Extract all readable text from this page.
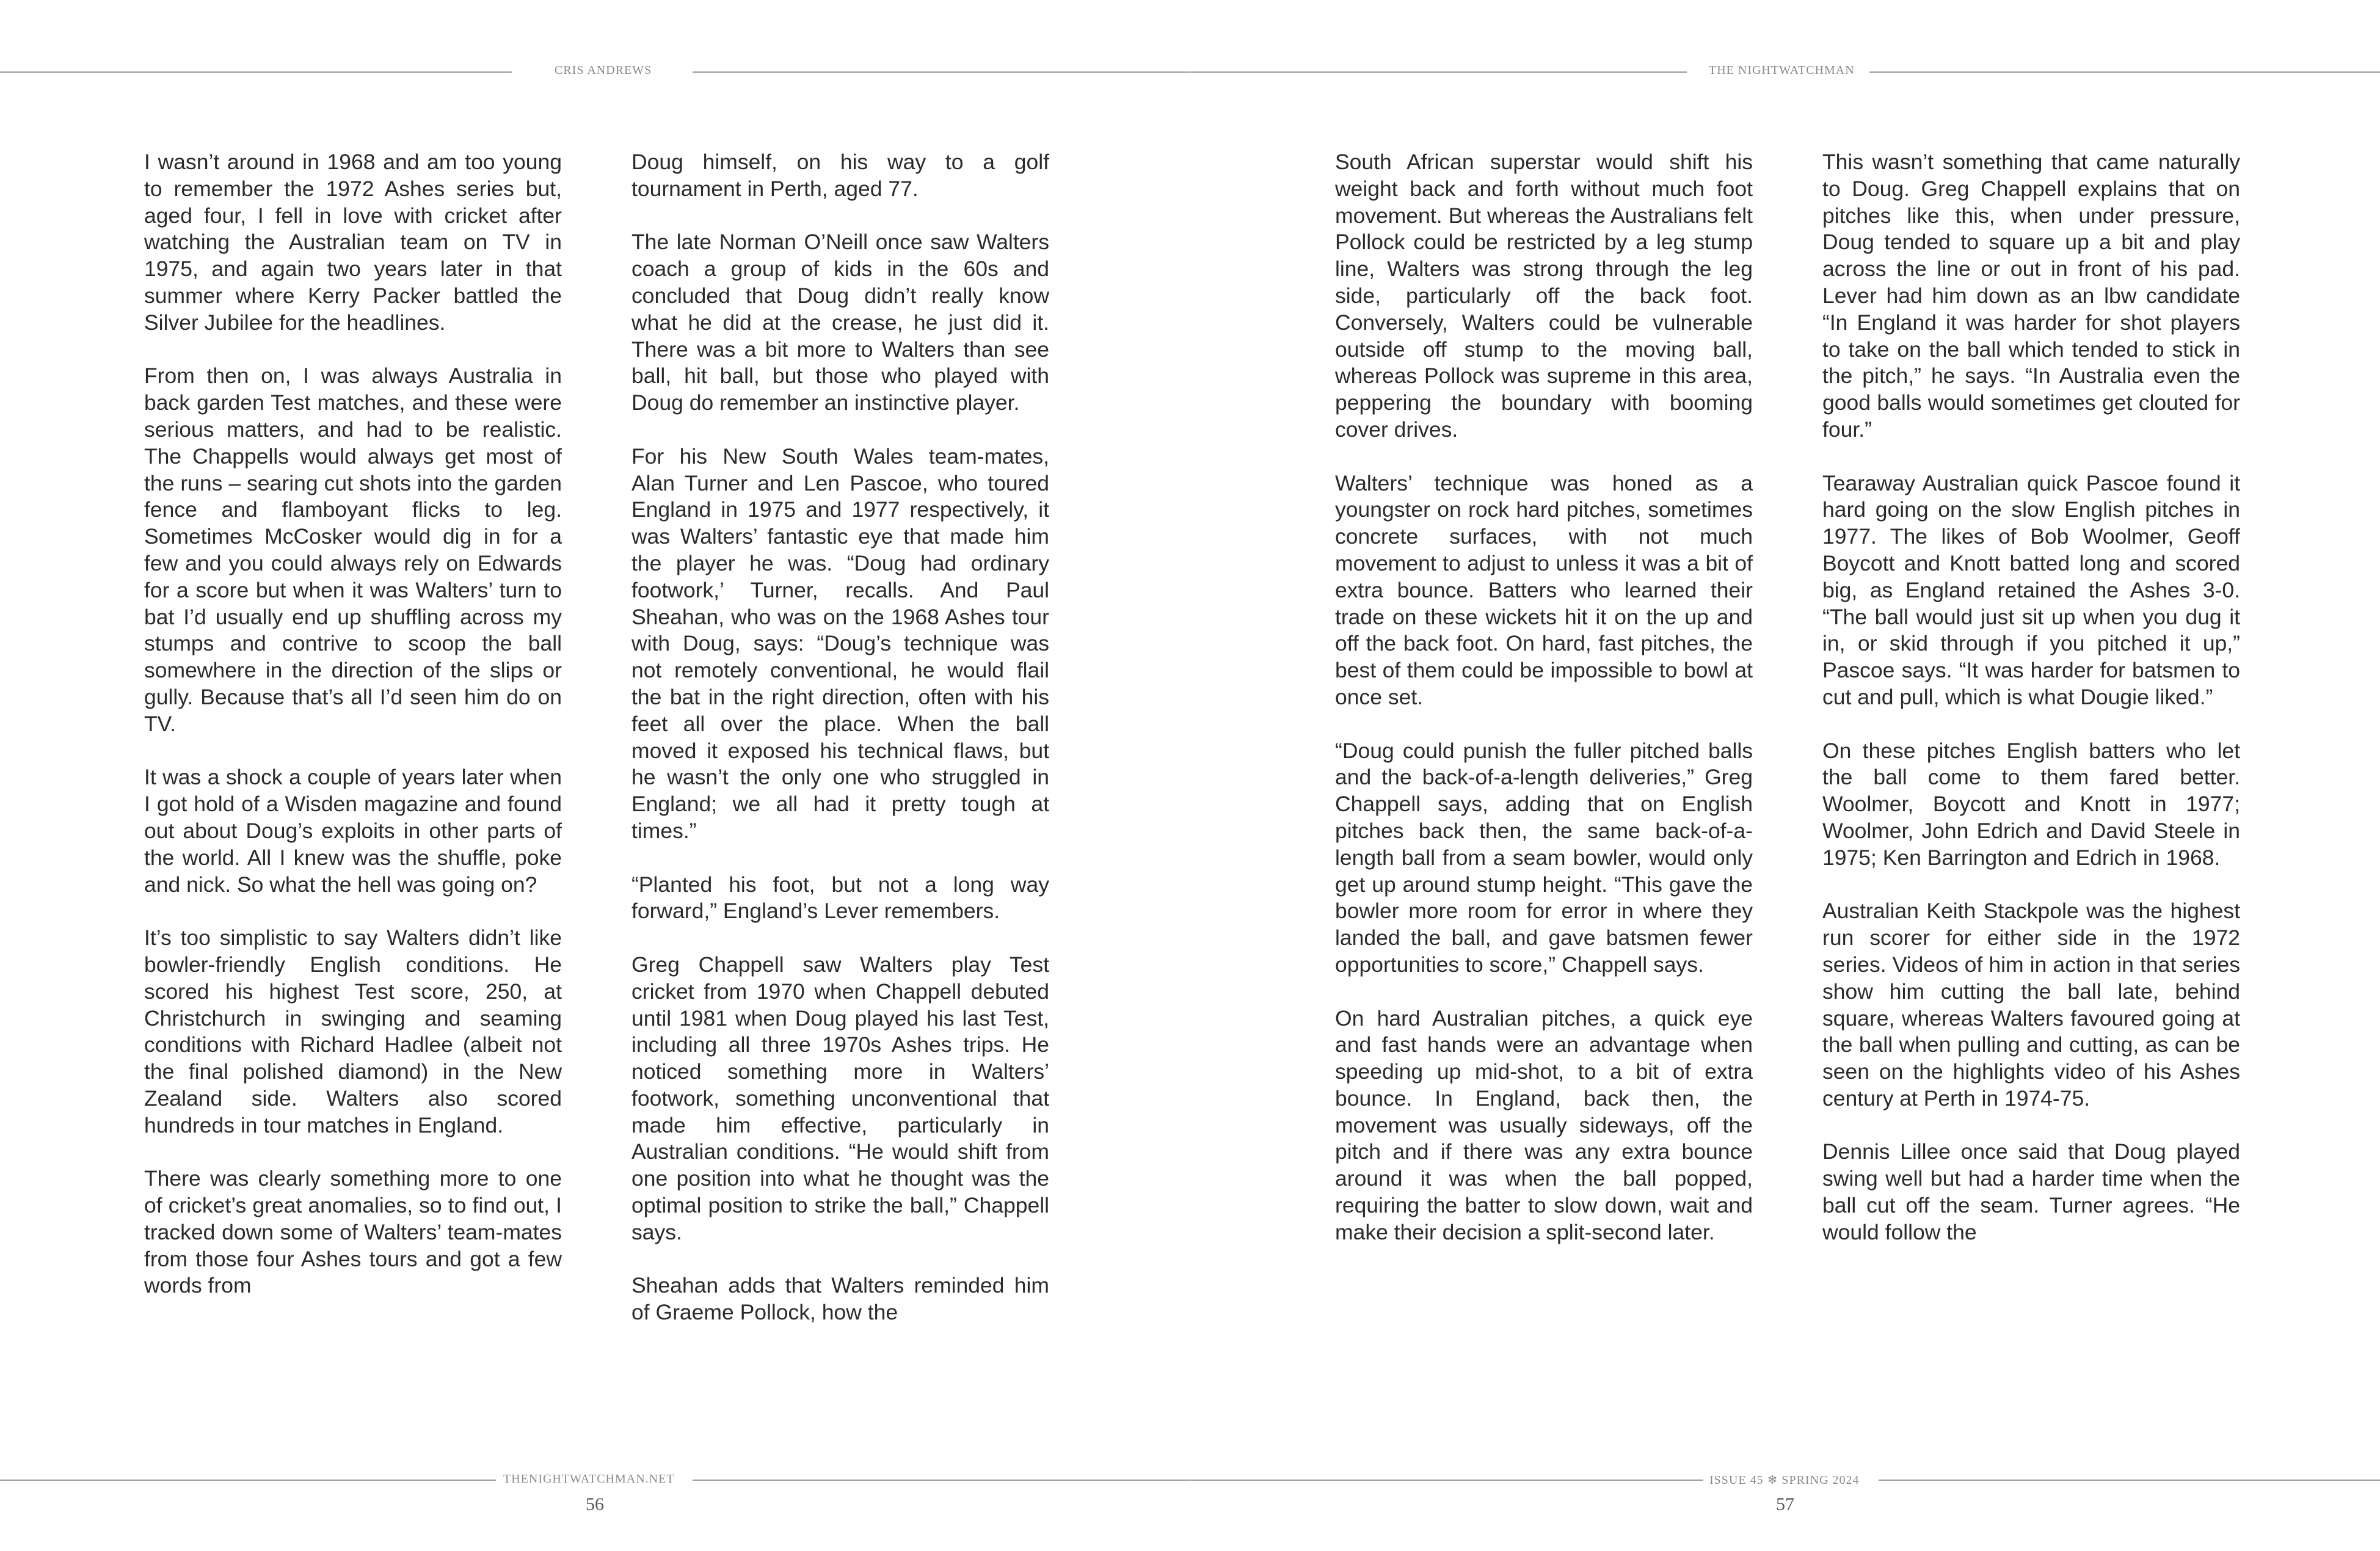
CRIS ANDREWS

I wasn’t around in 1968 and am too young to remember the 1972 Ashes series but, aged four, I fell in love with cricket after watching the Australian team on TV in 1975, and again two years later in that summer where Kerry Packer battled the Silver Jubilee for the headlines.

From then on, I was always Australia in back garden Test matches, and these were serious matters, and had to be realistic. The Chappells would always get most of the runs – searing cut shots into the garden fence and flamboyant flicks to leg. Sometimes McCosker would dig in for a few and you could always rely on Edwards for a score but when it was Walters’ turn to bat I’d usually end up shuffling across my stumps and contrive to scoop the ball somewhere in the direction of the slips or gully. Because that’s all I’d seen him do on TV.

It was a shock a couple of years later when I got hold of a Wisden magazine and found out about Doug’s exploits in other parts of the world. All I knew was the shuffle, poke and nick. So what the hell was going on?

It’s too simplistic to say Walters didn’t like bowler-friendly English conditions. He scored his highest Test score, 250, at Christchurch in swinging and seaming conditions with Richard Hadlee (albeit not the final polished diamond) in the New Zealand side. Walters also scored hundreds in tour matches in England.

There was clearly something more to one of cricket’s great anomalies, so to find out, I tracked down some of Walters’ team-mates from those four Ashes tours and got a few words from

Doug himself, on his way to a golf tournament in Perth, aged 77.

The late Norman O’Neill once saw Walters coach a group of kids in the 60s and concluded that Doug didn’t really know what he did at the crease, he just did it. There was a bit more to Walters than see ball, hit ball, but those who played with Doug do remember an instinctive player.

For his New South Wales team-mates, Alan Turner and Len Pascoe, who toured England in 1975 and 1977 respectively, it was Walters’ fantastic eye that made him the player he was. “Doug had ordinary footwork,’ Turner, recalls. And Paul Sheahan, who was on the 1968 Ashes tour with Doug, says: “Doug’s technique was not remotely conventional, he would flail the bat in the right direction, often with his feet all over the place. When the ball moved it exposed his technical flaws, but he wasn’t the only one who struggled in England; we all had it pretty tough at times.”

“Planted his foot, but not a long way forward,” England’s Lever remembers.

Greg Chappell saw Walters play Test cricket from 1970 when Chappell debuted until 1981 when Doug played his last Test, including all three 1970s Ashes trips. He noticed something more in Walters’ footwork, something unconventional that made him effective, particularly in Australian conditions. “He would shift from one position into what he thought was the optimal position to strike the ball,” Chappell says.

Sheahan adds that Walters reminded him of Graeme Pollock, how the

THENIGHTWATCHMAN.NET
56
THE NIGHTWATCHMAN

South African superstar would shift his weight back and forth without much foot movement. But whereas the Australians felt Pollock could be restricted by a leg stump line, Walters was strong through the leg side, particularly off the back foot. Conversely, Walters could be vulnerable outside off stump to the moving ball, whereas Pollock was supreme in this area, peppering the boundary with booming cover drives.

Walters’ technique was honed as a youngster on rock hard pitches, sometimes concrete surfaces, with not much movement to adjust to unless it was a bit of extra bounce. Batters who learned their trade on these wickets hit it on the up and off the back foot. On hard, fast pitches, the best of them could be impossible to bowl at once set.

“Doug could punish the fuller pitched balls and the back-of-a-length deliveries,” Greg Chappell says, adding that on English pitches back then, the same back-of-a-length ball from a seam bowler, would only get up around stump height. “This gave the bowler more room for error in where they landed the ball, and gave batsmen fewer opportunities to score,” Chappell says.

On hard Australian pitches, a quick eye and fast hands were an advantage when speeding up mid-shot, to a bit of extra bounce. In England, back then, the movement was usually sideways, off the pitch and if there was any extra bounce around it was when the ball popped, requiring the batter to slow down, wait and make their decision a split-second later.

This wasn’t something that came naturally to Doug. Greg Chappell explains that on pitches like this, when under pressure, Doug tended to square up a bit and play across the line or out in front of his pad. Lever had him down as an lbw candidate “In England it was harder for shot players to take on the ball which tended to stick in the pitch,” he says. “In Australia even the good balls would sometimes get clouted for four.”

Tearaway Australian quick Pascoe found it hard going on the slow English pitches in 1977. The likes of Bob Woolmer, Geoff Boycott and Knott batted long and scored big, as England retained the Ashes 3-0. “The ball would just sit up when you dug it in, or skid through if you pitched it up,” Pascoe says. “It was harder for batsmen to cut and pull, which is what Dougie liked.”

On these pitches English batters who let the ball come to them fared better. Woolmer, Boycott and Knott in 1977; Woolmer, John Edrich and David Steele in 1975; Ken Barrington and Edrich in 1968.

Australian Keith Stackpole was the highest run scorer for either side in the 1972 series. Videos of him in action in that series show him cutting the ball late, behind square, whereas Walters favoured going at the ball when pulling and cutting, as can be seen on the highlights video of his Ashes century at Perth in 1974-75.

Dennis Lillee once said that Doug played swing well but had a harder time when the ball cut off the seam. Turner agrees. “He would follow the

ISSUE 45 ❄ SPRING 2024
57
